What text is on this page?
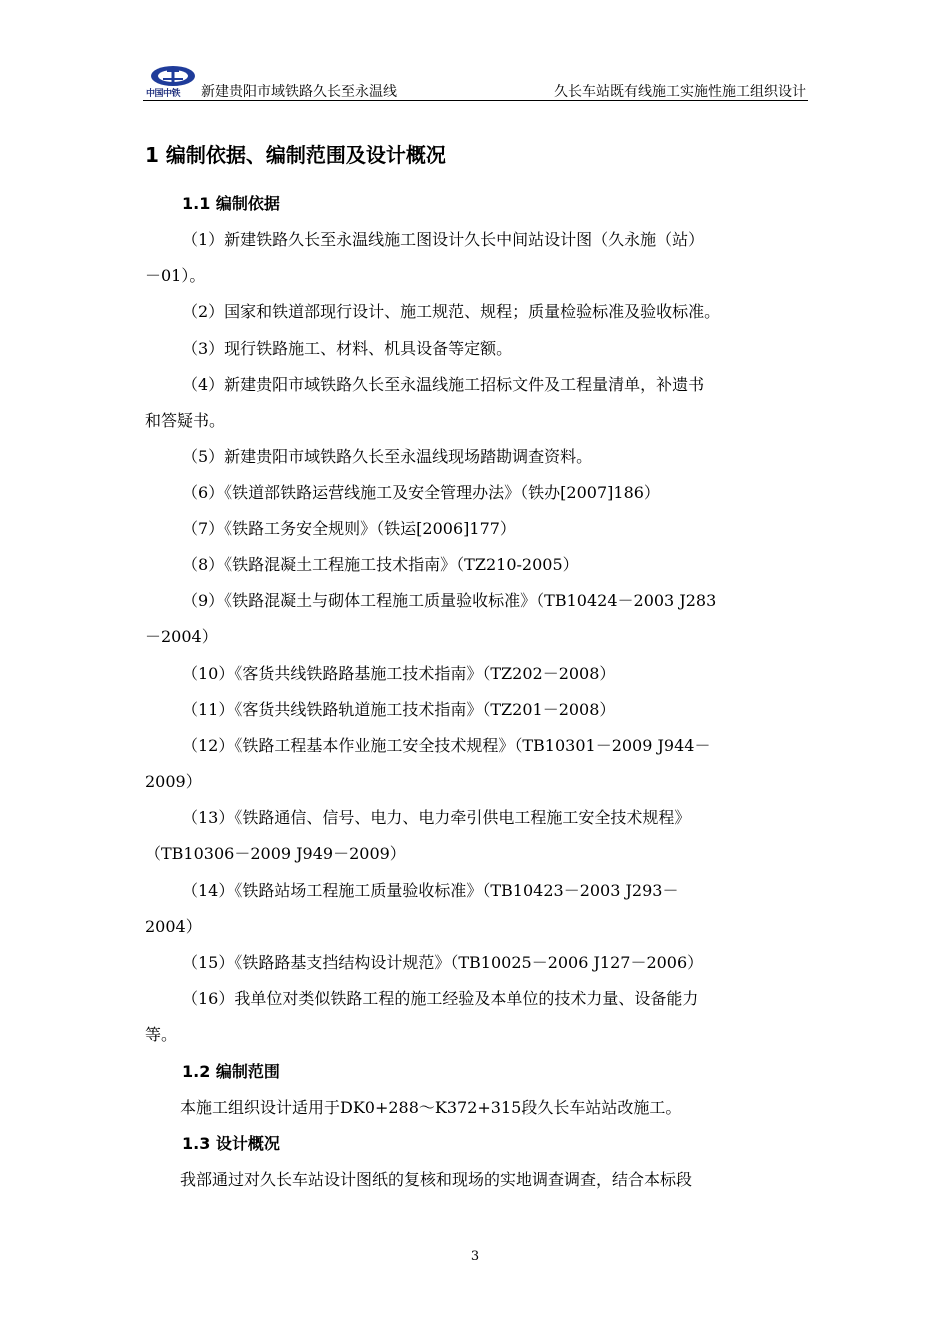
中国中铁 新建贵阳市域铁路久长至永温线	久长车站既有线施工实施性施工组织设计
1 编制依据、编制范围及设计概况
1.1 编制依据
（1）新建铁路久长至永温线施工图设计久长中间站设计图（久永施（站）
－01）。
（2）国家和铁道部现行设计、施工规范、规程；质量检验标准及验收标准。
（3）现行铁路施工、材料、机具设备等定额。
（4）新建贵阳市域铁路久长至永温线施工招标文件及工程量清单，补遗书
和答疑书。
（5）新建贵阳市域铁路久长至永温线现场踏勘调查资料。
（6）《铁道部铁路运营线施工及安全管理办法》（铁办[2007]186）
（7）《铁路工务安全规则》（铁运[2006]177）
（8）《铁路混凝土工程施工技术指南》（TZ210-2005）
（9）《铁路混凝土与砌体工程施工质量验收标准》（TB10424－2003 J283
－2004）
（10）《客货共线铁路路基施工技术指南》（TZ202－2008）
（11）《客货共线铁路轨道施工技术指南》（TZ201－2008）
（12）《铁路工程基本作业施工安全技术规程》（TB10301－2009 J944－
2009）
（13）《铁路通信、信号、电力、电力牵引供电工程施工安全技术规程》
（TB10306－2009 J949－2009）
（14）《铁路站场工程施工质量验收标准》（TB10423－2003 J293－
2004）
（15）《铁路路基支挡结构设计规范》（TB10025－2006 J127－2006）
（16）我单位对类似铁路工程的施工经验及本单位的技术力量、设备能力
等。
1.2 编制范围
本施工组织设计适用于DK0+288～K372+315段久长车站站改施工。
1.3 设计概况
我部通过对久长车站设计图纸的复核和现场的实地调查调查，结合本标段
3
